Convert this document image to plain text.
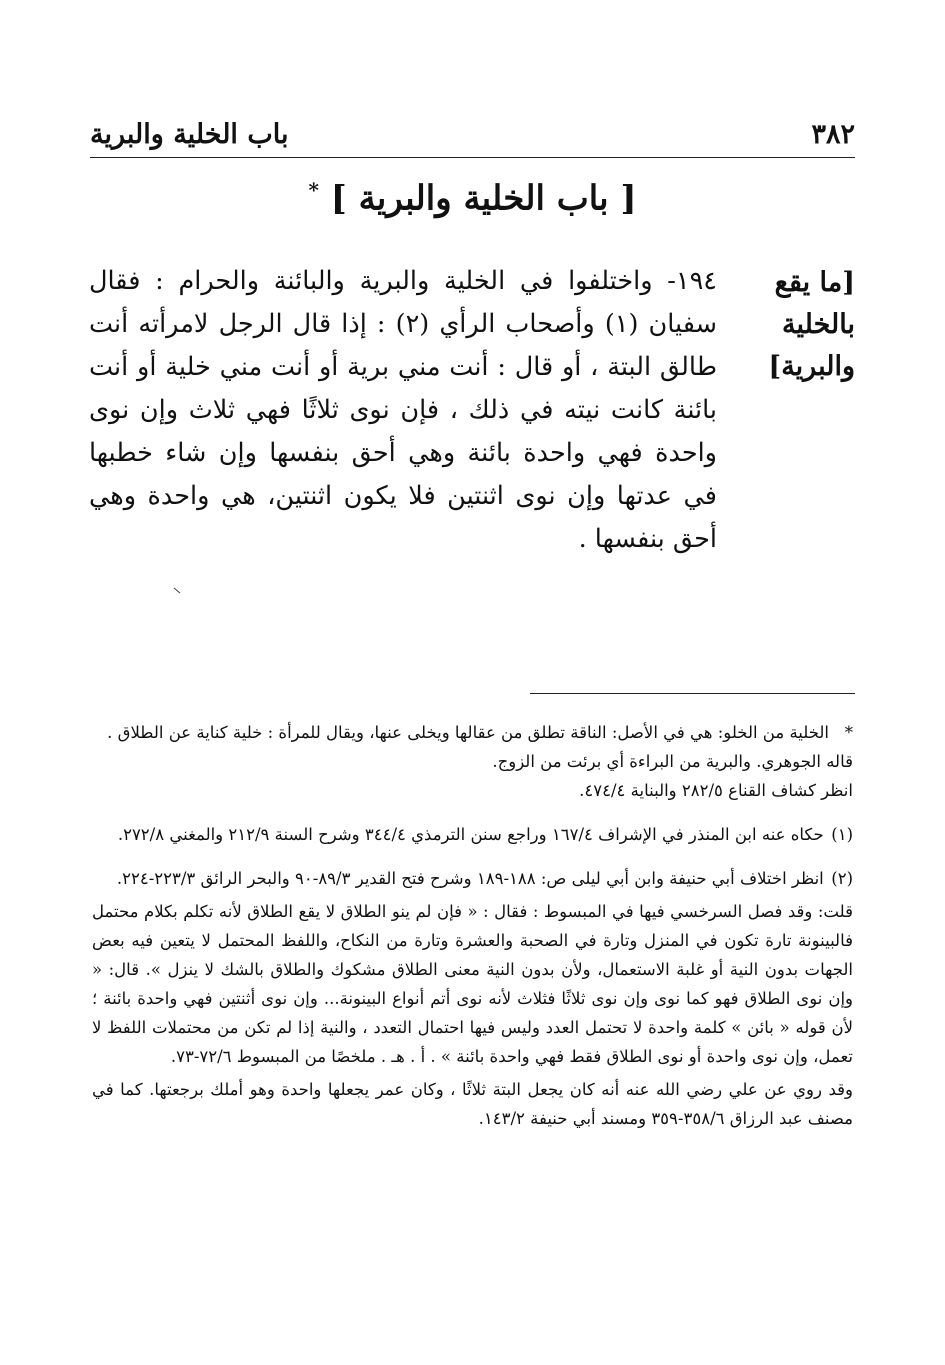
٣٨٢
باب الخلية والبرية
[ باب الخلية والبرية ] *
[ما يقع
بالخلية
والبرية]

١٩٤- واختلفوا في الخلية والبرية والبائنة والحرام : فقال سفيان (١) وأصحاب الرأي (٢) : إذا قال الرجل لامرأته أنت طالق البتة ، أو قال : أنت مني برية أو أنت مني خلية أو أنت بائنة كانت نيته في ذلك ، فإن نوى ثلاثًا فهي ثلاث وإن نوى واحدة فهي واحدة بائنة وهي أحق بنفسها وإن شاء خطبها في عدتها وإن نوى اثنتين فلا يكون اثنتين، هي واحدة وهي أحق بنفسها .

*الخلية من الخلو: هي في الأصل: الناقة تطلق من عقالها ويخلى عنها، ويقال للمرأة : خلية كناية عن الطلاق .
قاله الجوهري. والبرية من البراءة أي برئت من الزوج.
انظر كشاف القناع ٢٨٢/٥ والبناية ٤٧٤/٤.
(١) حكاه عنه ابن المنذر في الإشراف ١٦٧/٤ وراجع سنن الترمذي ٣٤٤/٤ وشرح السنة ٢١٢/٩ والمغني ٢٧٢/٨.
(٢) انظر اختلاف أبي حنيفة وابن أبي ليلى ص: ١٨٨-١٨٩ وشرح فتح القدير ٨٩/٣-٩٠ والبحر الرائق ٢٢٣/٣-٢٢٤.
قلت: وقد فصل السرخسي فيها في المبسوط : فقال : « فإن لم ينو الطلاق لا يقع الطلاق لأنه تكلم بكلام محتمل فالبينونة تارة تكون في المنزل وتارة في الصحبة والعشرة وتارة من النكاح، واللفظ المحتمل لا يتعين فيه بعض الجهات بدون النية أو غلبة الاستعمال، ولأن بدون النية معنى الطلاق مشكوك والطلاق بالشك لا ينزل ». قال: « وإن نوى الطلاق فهو كما نوى وإن نوى ثلاثًا فثلاث لأنه نوى أتم أنواع البينونة... وإن نوى أثنتين فهي واحدة بائنة ؛ لأن قوله « بائن » كلمة واحدة لا تحتمل العدد وليس فيها احتمال التعدد ، والنية إذا لم تكن من محتملات اللفظ لا تعمل، وإن نوى واحدة أو نوى الطلاق فقط فهي واحدة بائنة » . أ . هـ . ملخصًا من المبسوط ٧٢/٦-٧٣.
وقد روي عن علي رضي الله عنه أنه كان يجعل البتة ثلاثًا ، وكان عمر يجعلها واحدة وهو أملك برجعتها. كما في مصنف عبد الرزاق ٣٥٨/٦-٣٥٩ ومسند أبي حنيفة ١٤٣/٢.
